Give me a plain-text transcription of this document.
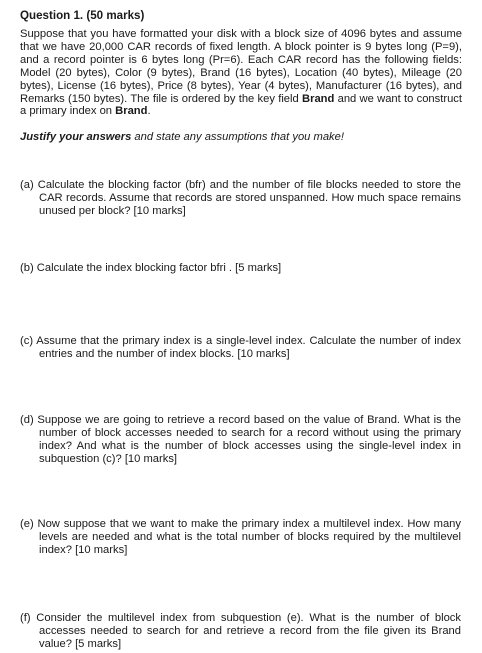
Question 1. (50 marks)

Suppose that you have formatted your disk with a block size of 4096 bytes and assume that we have 20,000 CAR records of fixed length. A block pointer is 9 bytes long (P=9), and a record pointer is 6 bytes long (Pr=6). Each CAR record has the following fields: Model (20 bytes), Color (9 bytes), Brand (16 bytes), Location (40 bytes), Mileage (20 bytes), License (16 bytes), Price (8 bytes), Year (4 bytes), Manufacturer (16 bytes), and Remarks (150 bytes). The file is ordered by the key field Brand and we want to construct a primary index on Brand.

Justify your answers and state any assumptions that you make!

(a) Calculate the blocking factor (bfr) and the number of file blocks needed to store the CAR records. Assume that records are stored unspanned. How much space remains unused per block? [10 marks]

(b) Calculate the index blocking factor bfri . [5 marks]

(c) Assume that the primary index is a single-level index. Calculate the number of index entries and the number of index blocks. [10 marks]

(d) Suppose we are going to retrieve a record based on the value of Brand. What is the number of block accesses needed to search for a record without using the primary index? And what is the number of block accesses using the single-level index in subquestion (c)? [10 marks]

(e) Now suppose that we want to make the primary index a multilevel index. How many levels are needed and what is the total number of blocks required by the multilevel index? [10 marks]

(f) Consider the multilevel index from subquestion (e). What is the number of block accesses needed to search for and retrieve a record from the file given its Brand value? [5 marks]
